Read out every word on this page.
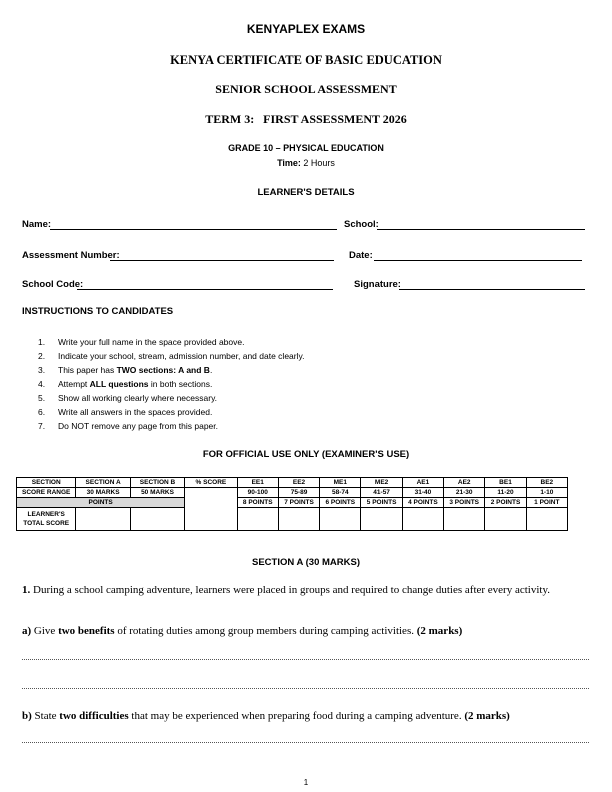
KENYAPLEX EXAMS
KENYA CERTIFICATE OF BASIC EDUCATION
SENIOR SCHOOL ASSESSMENT
TERM 3:   FIRST ASSESSMENT 2026
GRADE 10 – PHYSICAL EDUCATION
Time: 2 Hours
LEARNER'S DETAILS
Name:	School:
Assessment Number:	Date:
School Code:	Signature:
INSTRUCTIONS TO CANDIDATES
1. Write your full name in the space provided above.
2. Indicate your school, stream, admission number, and date clearly.
3. This paper has TWO sections: A and B.
4. Attempt ALL questions in both sections.
5. Show all working clearly where necessary.
6. Write all answers in the spaces provided.
7. Do NOT remove any page from this paper.
FOR OFFICIAL USE ONLY (EXAMINER'S USE)
SECTION	SECTION A	SECTION B	% SCORE	EE1	EE2	ME1	ME2	AE1	AE2	BE1	BE2
SCORE RANGE	30 MARKS	50 MARKS		90-100	75-89	58-74	41-57	31-40	21-30	11-20	1-10
POINTS				8 POINTS	7 POINTS	6 POINTS	5 POINTS	4 POINTS	3 POINTS	2 POINTS	1 POINT
LEARNER'S TOTAL SCORE											
SECTION A (30 MARKS)
1. During a school camping adventure, learners were placed in groups and required to change duties after every activity.
a) Give two benefits of rotating duties among group members during camping activities. (2 marks)
b) State two difficulties that may be experienced when preparing food during a camping adventure. (2 marks)
1
